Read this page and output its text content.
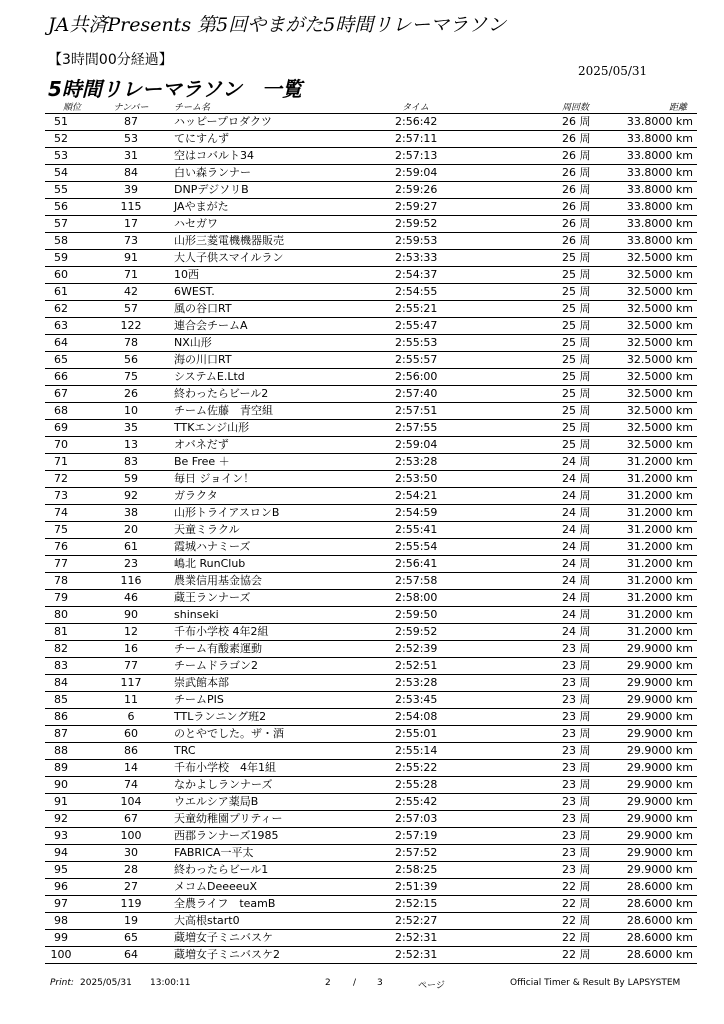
JA共済Presents 第5回やまがた5時間リレーマラソン
【3時間00分経過】
2025/05/31
5時間リレーマラソン　一覧
順位	ナンバー	チーム名	タイム	周回数	距離
51	87	ハッピープロダクツ	2:56:42	26 周	33.8000 km
52	53	てにすんず	2:57:11	26 周	33.8000 km
53	31	空はコバルト34	2:57:13	26 周	33.8000 km
54	84	白い森ランナー	2:59:04	26 周	33.8000 km
55	39	DNPデジソリB	2:59:26	26 周	33.8000 km
56	115	JAやまがた	2:59:27	26 周	33.8000 km
57	17	ハセガワ	2:59:52	26 周	33.8000 km
58	73	山形三菱電機機器販売	2:59:53	26 周	33.8000 km
59	91	大人子供スマイルラン	2:53:33	25 周	32.5000 km
60	71	10西	2:54:37	25 周	32.5000 km
61	42	6WEST.	2:54:55	25 周	32.5000 km
62	57	風の谷口RT	2:55:21	25 周	32.5000 km
63	122	連合会チームA	2:55:47	25 周	32.5000 km
64	78	NX山形	2:55:53	25 周	32.5000 km
65	56	海の川口RT	2:55:57	25 周	32.5000 km
66	75	システムE.Ltd	2:56:00	25 周	32.5000 km
67	26	終わったらビール2	2:57:40	25 周	32.5000 km
68	10	チーム佐藤　青空組	2:57:51	25 周	32.5000 km
69	35	TTKエンジ山形	2:57:55	25 周	32.5000 km
70	13	オバネだず	2:59:04	25 周	32.5000 km
71	83	Be Free ＋	2:53:28	24 周	31.2000 km
72	59	毎日 ジョイン！	2:53:50	24 周	31.2000 km
73	92	ガラクタ	2:54:21	24 周	31.2000 km
74	38	山形トライアスロンB	2:54:59	24 周	31.2000 km
75	20	天童ミラクル	2:55:41	24 周	31.2000 km
76	61	霞城ハナミーズ	2:55:54	24 周	31.2000 km
77	23	嶋北 RunClub	2:56:41	24 周	31.2000 km
78	116	農業信用基金協会	2:57:58	24 周	31.2000 km
79	46	蔵王ランナーズ	2:58:00	24 周	31.2000 km
80	90	shinseki	2:59:50	24 周	31.2000 km
81	12	千布小学校 4年2組	2:59:52	24 周	31.2000 km
82	16	チーム有酸素運動	2:52:39	23 周	29.9000 km
83	77	チームドラゴン2	2:52:51	23 周	29.9000 km
84	117	崇武館本部	2:53:28	23 周	29.9000 km
85	11	チームPIS	2:53:45	23 周	29.9000 km
86	6	TTLランニング班2	2:54:08	23 周	29.9000 km
87	60	のとやでした。ザ・酒	2:55:01	23 周	29.9000 km
88	86	TRC	2:55:14	23 周	29.9000 km
89	14	千布小学校　4年1組	2:55:22	23 周	29.9000 km
90	74	なかよしランナーズ	2:55:28	23 周	29.9000 km
91	104	ウエルシア薬局B	2:55:42	23 周	29.9000 km
92	67	天童幼稚園プリティー	2:57:03	23 周	29.9000 km
93	100	西郡ランナーズ1985	2:57:19	23 周	29.9000 km
94	30	FABRICA一平太	2:57:52	23 周	29.9000 km
95	28	終わったらビール1	2:58:25	23 周	29.9000 km
96	27	メコムDeeeeuX	2:51:39	22 周	28.6000 km
97	119	全農ライフ　teamB	2:52:15	22 周	28.6000 km
98	19	大高根start0	2:52:27	22 周	28.6000 km
99	65	蔵増女子ミニバスケ	2:52:31	22 周	28.6000 km
100	64	蔵増女子ミニバスケ2	2:52:31	22 周	28.6000 km
Print: 2025/05/31 13:00:11	2 / 3	ページ	Official Timer & Result By LAPSYSTEM
